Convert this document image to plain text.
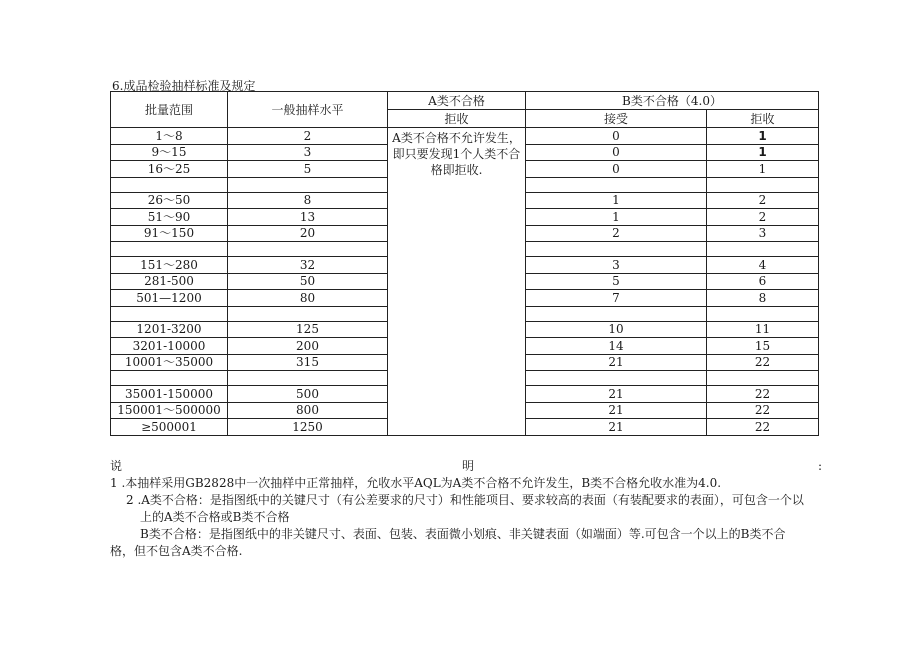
6.成品检验抽样标准及规定
批量范围	一般抽样水平	A类不合格	B类不合格（4.0）	
		拒收	接受	拒收
1～8	2	A类不合格不允许发生，即只要发现1个人类不合格即拒收.	0	1
9～15	3		0	1
16～25	5		0	1

26～50	8		1	2
51～90	13		1	2
91～150	20		2	3

151～280	32		3	4
281-500	50		5	6
501—1200	80		7	8

1201-3200	125		10	11
3201-10000	200		14	15
10001～35000	315		21	22

35001-150000	500		21	22
150001～500000	800		21	22
≥500001	1250		21	22
说	明	:
1 .本抽样采用GB2828中一次抽样中正常抽样，允收水平AQL为A类不合格不允许发生，B类不合格允收水准为4.0.
2 .A类不合格：是指图纸中的关键尺寸（有公差要求的尺寸）和性能项目、要求较高的表面（有装配要求的表面），可包含一个以
上的A类不合格或B类不合格
B类不合格：是指图纸中的非关键尺寸、表面、包装、表面微小划痕、非关键表面（如端面）等.可包含一个以上的B类不合
格，但不包含A类不合格.
